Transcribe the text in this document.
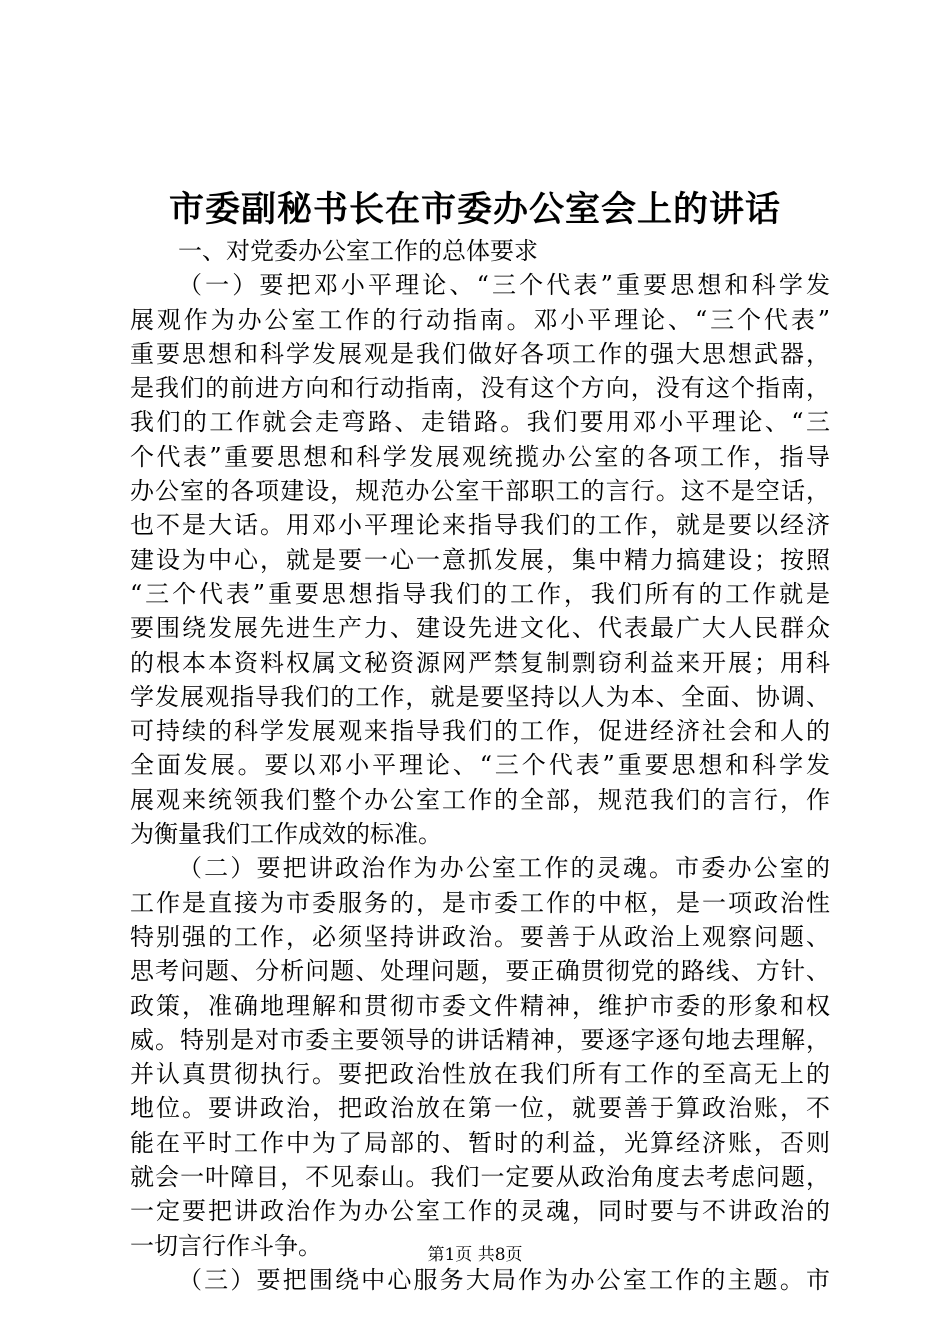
市委副秘书长在市委办公室会上的讲话
一、对党委办公室工作的总体要求
（一）要把邓小平理论、“三个代表”重要思想和科学发
展观作为办公室工作的行动指南。邓小平理论、“三个代表”
重要思想和科学发展观是我们做好各项工作的强大思想武器，
是我们的前进方向和行动指南，没有这个方向，没有这个指南，
我们的工作就会走弯路、走错路。我们要用邓小平理论、“三
个代表”重要思想和科学发展观统揽办公室的各项工作，指导
办公室的各项建设，规范办公室干部职工的言行。这不是空话，
也不是大话。用邓小平理论来指导我们的工作，就是要以经济
建设为中心，就是要一心一意抓发展，集中精力搞建设；按照
“三个代表”重要思想指导我们的工作，我们所有的工作就是
要围绕发展先进生产力、建设先进文化、代表最广大人民群众
的根本本资料权属文秘资源网严禁复制剽窃利益来开展；用科
学发展观指导我们的工作，就是要坚持以人为本、全面、协调、
可持续的科学发展观来指导我们的工作，促进经济社会和人的
全面发展。要以邓小平理论、“三个代表”重要思想和科学发
展观来统领我们整个办公室工作的全部，规范我们的言行，作
为衡量我们工作成效的标准。
（二）要把讲政治作为办公室工作的灵魂。市委办公室的
工作是直接为市委服务的，是市委工作的中枢，是一项政治性
特别强的工作，必须坚持讲政治。要善于从政治上观察问题、
思考问题、分析问题、处理问题，要正确贯彻党的路线、方针、
政策，准确地理解和贯彻市委文件精神，维护市委的形象和权
威。特别是对市委主要领导的讲话精神，要逐字逐句地去理解，
并认真贯彻执行。要把政治性放在我们所有工作的至高无上的
地位。要讲政治，把政治放在第一位，就要善于算政治账，不
能在平时工作中为了局部的、暂时的利益，光算经济账，否则
就会一叶障目，不见泰山。我们一定要从政治角度去考虑问题，
一定要把讲政治作为办公室工作的灵魂，同时要与不讲政治的
一切言行作斗争。
（三）要把围绕中心服务大局作为办公室工作的主题。市
第1页 共8页
